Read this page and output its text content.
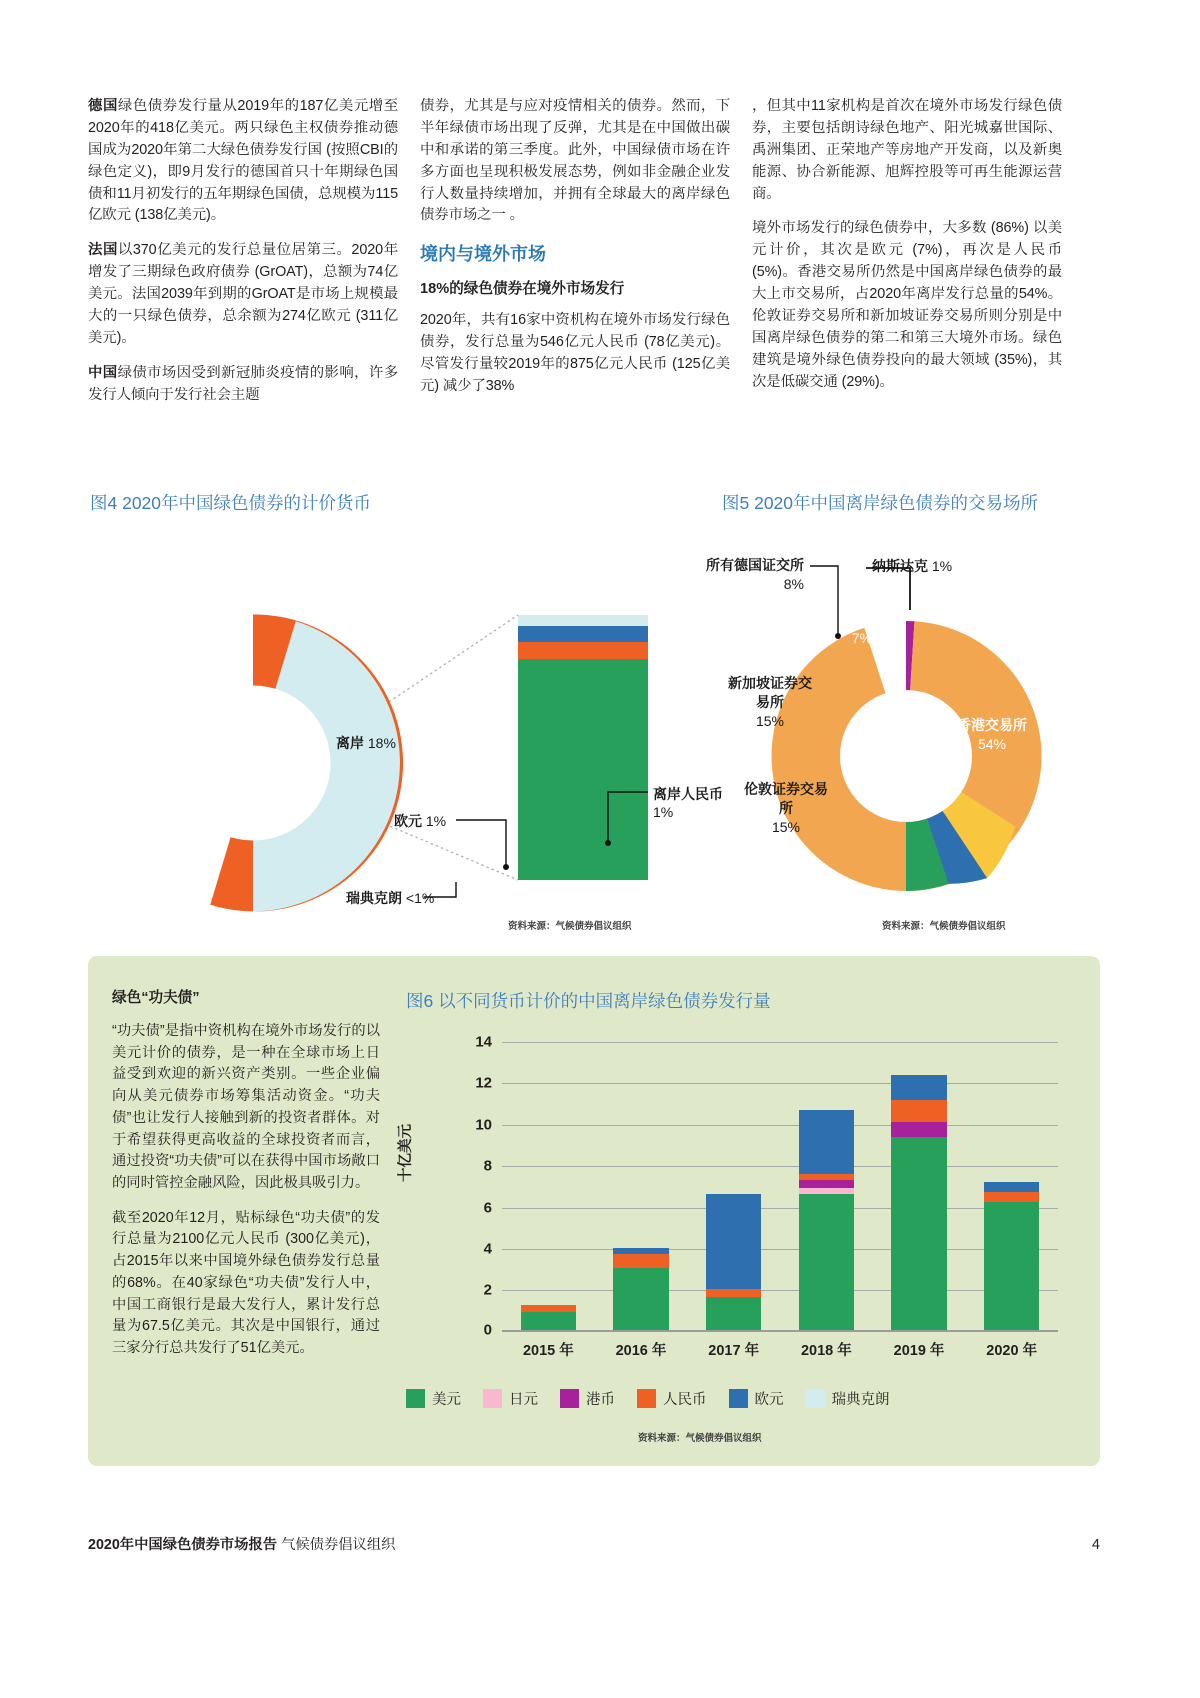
德国绿色债券发行量从2019年的187亿美元增至2020年的418亿美元。两只绿色主权债券推动德国成为2020年第二大绿色债券发行国 (按照CBI的绿色定义)，即9月发行的德国首只十年期绿色国债和11月初发行的五年期绿色国债，总规模为115亿欧元 (138亿美元)。

法国以370亿美元的发行总量位居第三。2020年增发了三期绿色政府债券 (GrOAT)，总额为74亿美元。法国2039年到期的GrOAT是市场上规模最大的一只绿色债券，总余额为274亿欧元 (311亿美元)。

中国绿债市场因受到新冠肺炎疫情的影响，许多发行人倾向于发行社会主题

债券，尤其是与应对疫情相关的债券。然而，下半年绿债市场出现了反弹，尤其是在中国做出碳中和承诺的第三季度。此外，中国绿债市场在许多方面也呈现积极发展态势，例如非金融企业发行人数量持续增加，并拥有全球最大的离岸绿色债券市场之一 。

境内与境外市场
18%的绿色债券在境外市场发行

2020年，共有16家中资机构在境外市场发行绿色债券，发行总量为546亿元人民币 (78亿美元)。尽管发行量较2019年的875亿元人民币 (125亿美元) 减少了38%

，但其中11家机构是首次在境外市场发行绿色债券，主要包括朗诗绿色地产、阳光城嘉世国际、禹洲集团、正荣地产等房地产开发商，以及新奥能源、协合新能源、旭辉控股等可再生能源运营商。

境外市场发行的绿色债券中，大多数 (86%) 以美元计价，其次是欧元 (7%)，再次是人民币 (5%)。香港交易所仍然是中国离岸绿色债券的最大上市交易所，占2020年离岸发行总量的54%。伦敦证券交易所和新加坡证券交易所则分别是中国离岸绿色债券的第二和第三大境外市场。绿色建筑是境外绿色债券投向的最大领域 (35%)，其次是低碳交通 (29%)。

图4 2020年中国绿色债券的计价货币
在岸人民币
82%	离岸 18%
美元
15%
欧元 1%
离岸人民币
1%
瑞典克朗 <1%
资料来源：气候债券倡议组织
图5 2020年中国离岸绿色债券的交易场所
所有德国证交所 8%
纳斯达克 1%
巴黎
7%
新加坡证券交易所
15%
伦敦证券交易所
15%
香港交易所
54%
资料来源：气候债券倡议组织
绿色“功夫债”

“功夫债”是指中资机构在境外市场发行的以美元计价的债券，是一种在全球市场上日益受到欢迎的新兴资产类别。一些企业偏向从美元债券市场筹集活动资金。“功夫债”也让发行人接触到新的投资者群体。对于希望获得更高收益的全球投资者而言，通过投资“功夫债”可以在获得中国市场敞口的同时管控金融风险，因此极具吸引力。

截至2020年12月，贴标绿色“功夫债”的发行总量为2100亿元人民币 (300亿美元)，占2015年以来中国境外绿色债券发行总量的68%。在40家绿色“功夫债”发行人中，中国工商银行是最大发行人，累计发行总量为67.5亿美元。其次是中国银行，通过三家分行总共发行了51亿美元。

图6 以不同货币计价的中国离岸绿色债券发行量
十亿美元
14
12
10
8
6
4
2
0
2015 年	2016 年	2017 年	2018 年	2019 年	2020 年
美元	日元	港币	人民币	欧元	瑞典克朗
资料来源：气候债券倡议组织
2020年中国绿色债券市场报告 气候债券倡议组织	4
